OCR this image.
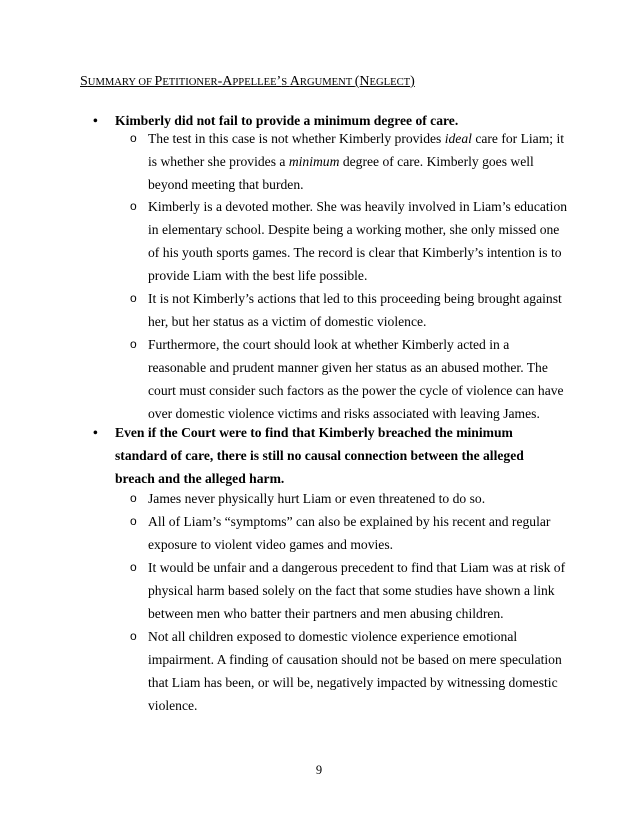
SUMMARY OF PETITIONER-APPELLEE’S ARGUMENT (NEGLECT)
• Kimberly did not fail to provide a minimum degree of care.
o The test in this case is not whether Kimberly provides ideal care for Liam; it is whether she provides a minimum degree of care. Kimberly goes well beyond meeting that burden.
o Kimberly is a devoted mother. She was heavily involved in Liam’s education in elementary school. Despite being a working mother, she only missed one of his youth sports games. The record is clear that Kimberly’s intention is to provide Liam with the best life possible.
o It is not Kimberly’s actions that led to this proceeding being brought against her, but her status as a victim of domestic violence.
o Furthermore, the court should look at whether Kimberly acted in a reasonable and prudent manner given her status as an abused mother. The court must consider such factors as the power the cycle of violence can have over domestic violence victims and risks associated with leaving James.
• Even if the Court were to find that Kimberly breached the minimum standard of care, there is still no causal connection between the alleged breach and the alleged harm.
o James never physically hurt Liam or even threatened to do so.
o All of Liam’s “symptoms” can also be explained by his recent and regular exposure to violent video games and movies.
o It would be unfair and a dangerous precedent to find that Liam was at risk of physical harm based solely on the fact that some studies have shown a link between men who batter their partners and men abusing children.
o Not all children exposed to domestic violence experience emotional impairment. A finding of causation should not be based on mere speculation that Liam has been, or will be, negatively impacted by witnessing domestic violence.
9
